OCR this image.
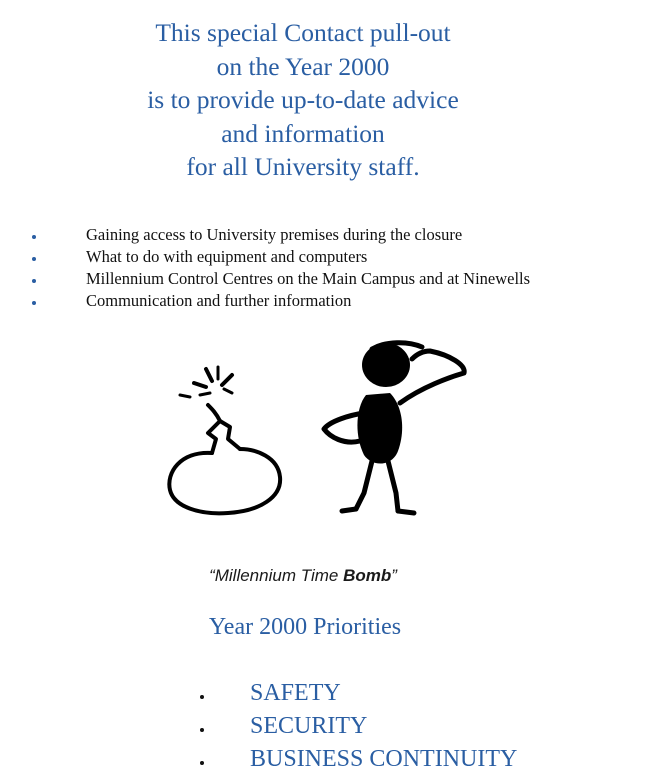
This special Contact pull-out
on the Year 2000
is to provide up-to-date advice
and information
for all University staff.
Gaining access to University premises during the closure
What to do with equipment and computers
Millennium Control Centres on the Main Campus and at Ninewells
Communication and further information
“Millennium Time Bomb”
Year 2000 Priorities
SAFETY
SECURITY
BUSINESS CONTINUITY
